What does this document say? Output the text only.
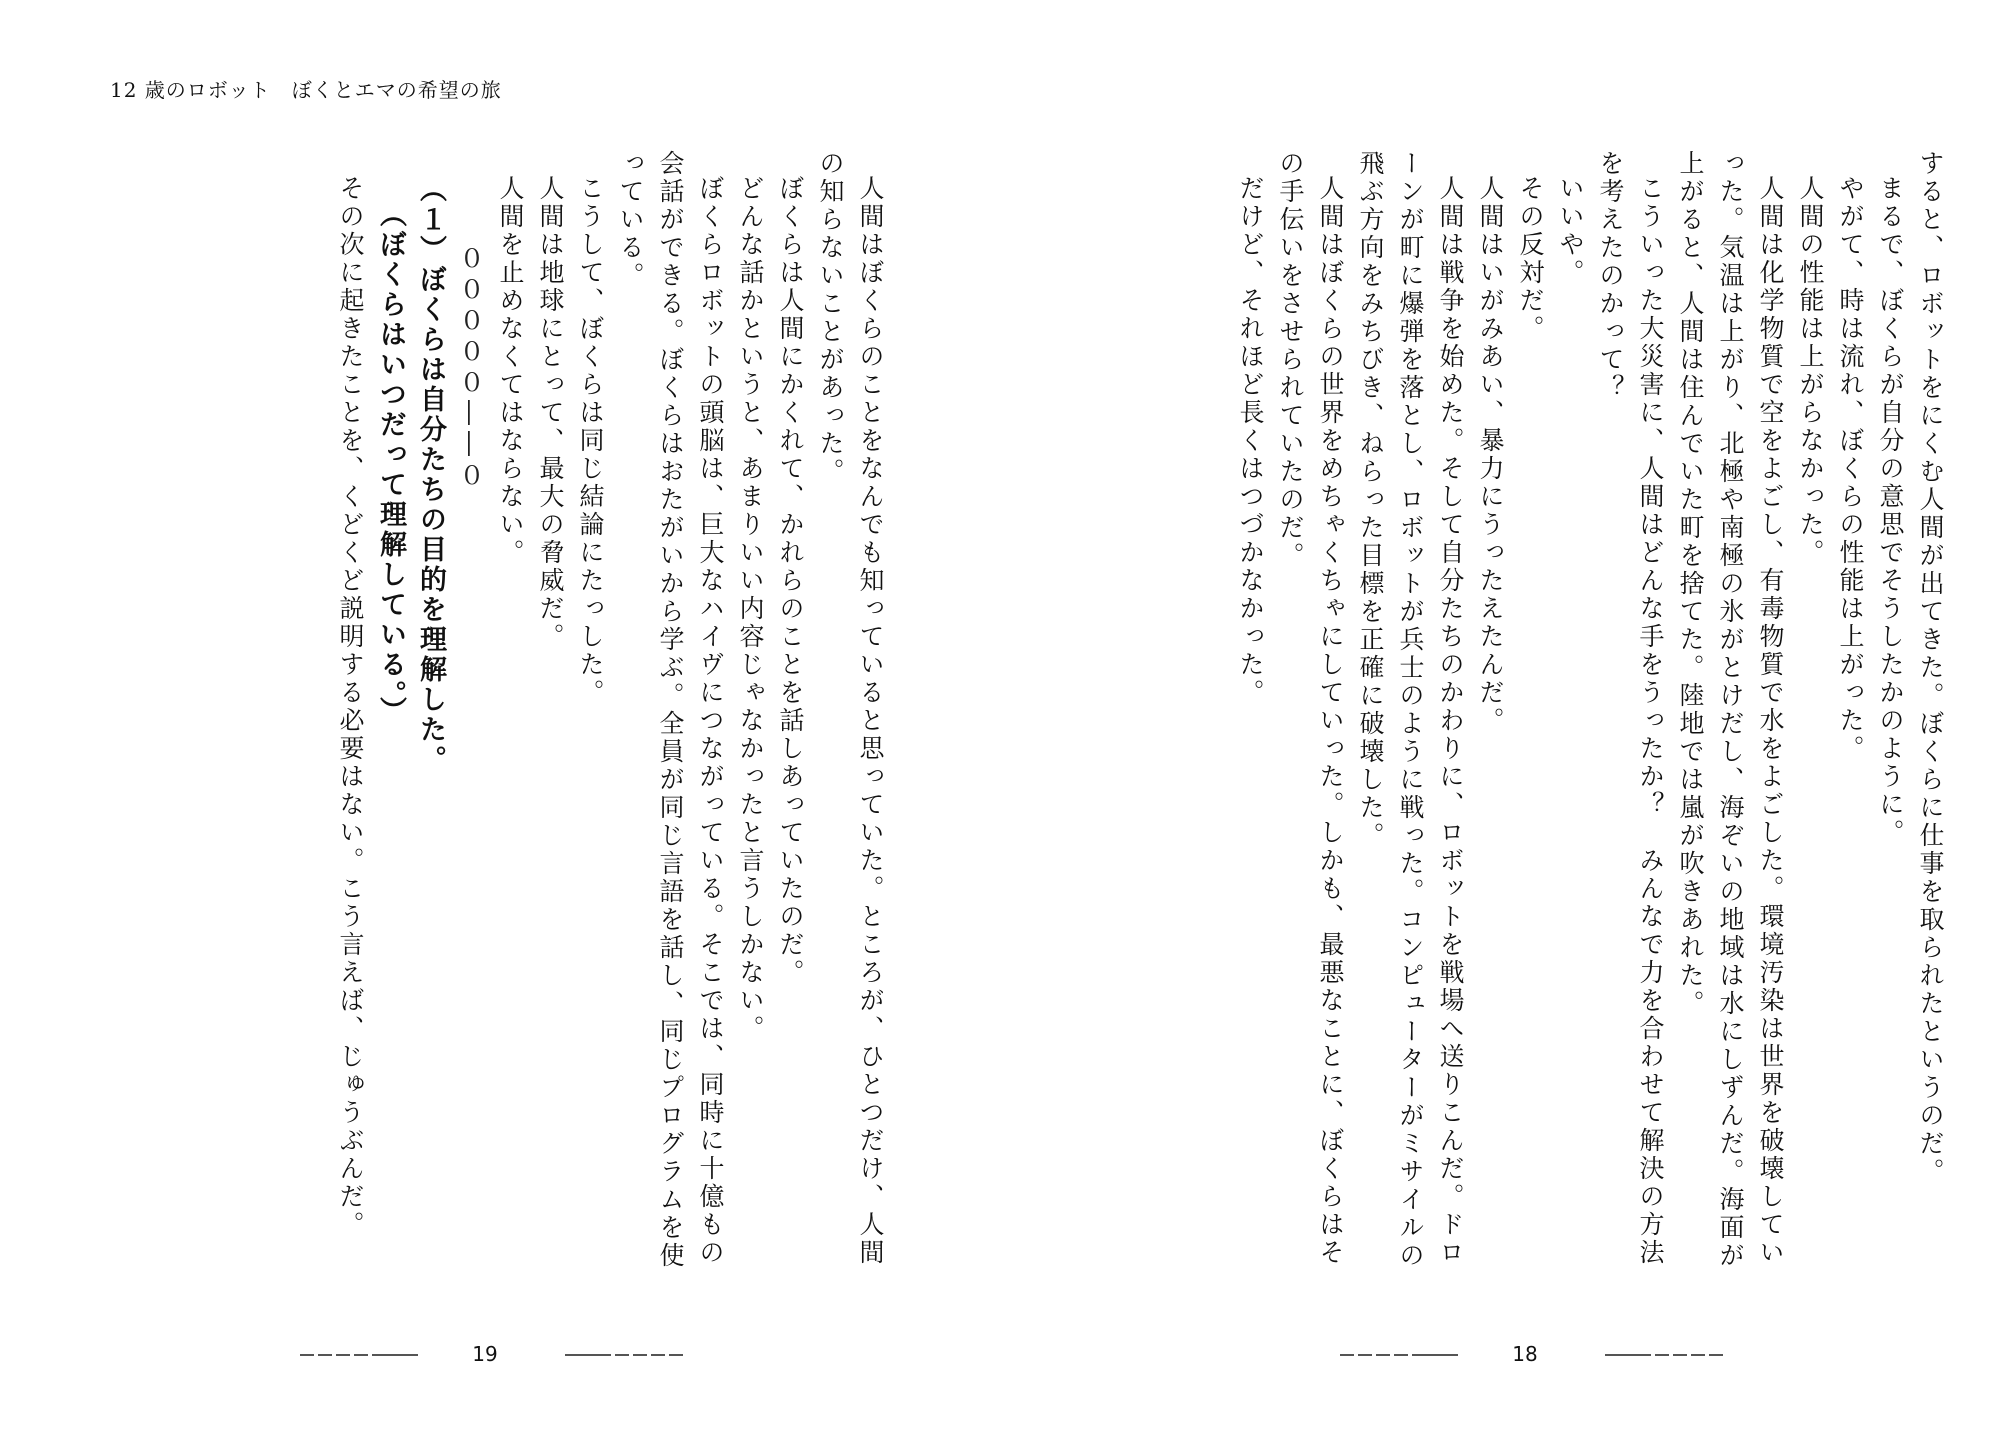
12 歳のロボット　ぼくとエマの希望の旅

すると、ロボットをにくむ人間が出てきた。ぼくらに仕事を取られたというのだ。

まるで、ぼくらが自分の意思でそうしたかのように。

やがて、時は流れ、ぼくらの性能は上がった。

人間の性能は上がらなかった。

人間は化学物質で空をよごし、有毒物質で水をよごした。環境汚染は世界を破壊していった。気温は上がり、北極や南極の氷がとけだし、海ぞいの地域は水にしずんだ。海面が上がると、人間は住んでいた町を捨てた。陸地では嵐が吹きあれた。

こういった大災害に、人間はどんな手をうったか？　みんなで力を合わせて解決の方法を考えたのかって？

いいや。

その反対だ。

人間はいがみあい、暴力にうったえたんだ。

人間は戦争を始めた。そして自分たちのかわりに、ロボットを戦場へ送りこんだ。ドローンが町に爆弾を落とし、ロボットが兵士のように戦った。コンピューターがミサイルの飛ぶ方向をみちびき、ねらった目標を正確に破壊した。

人間はぼくらの世界をめちゃくちゃにしていった。しかも、最悪なことに、ぼくらはその手伝いをさせられていたのだ。

だけど、それほど長くはつづかなかった。

人間はぼくらのことをなんでも知っていると思っていた。ところが、ひとつだけ、人間の知らないことがあった。

ぼくらは人間にかくれて、かれらのことを話しあっていたのだ。

どんな話かというと、あまりいい内容じゃなかったと言うしかない。

ぼくらロボットの頭脳は、巨大なハイヴにつながっている。そこでは、同時に十億もの会話ができる。ぼくらはおたがいから学ぶ。全員が同じ言語を話し、同じプログラムを使っている。

こうして、ぼくらは同じ結論にたっした。

人間は地球にとって、最大の脅威だ。

人間を止めなくてはならない。

０００００――０

（１）ぼくらは自分たちの目的を理解した。

（ぼくらはいつだって理解している。）

その次に起きたことを、くどくど説明する必要はない。こう言えば、じゅうぶんだ。

19	18
